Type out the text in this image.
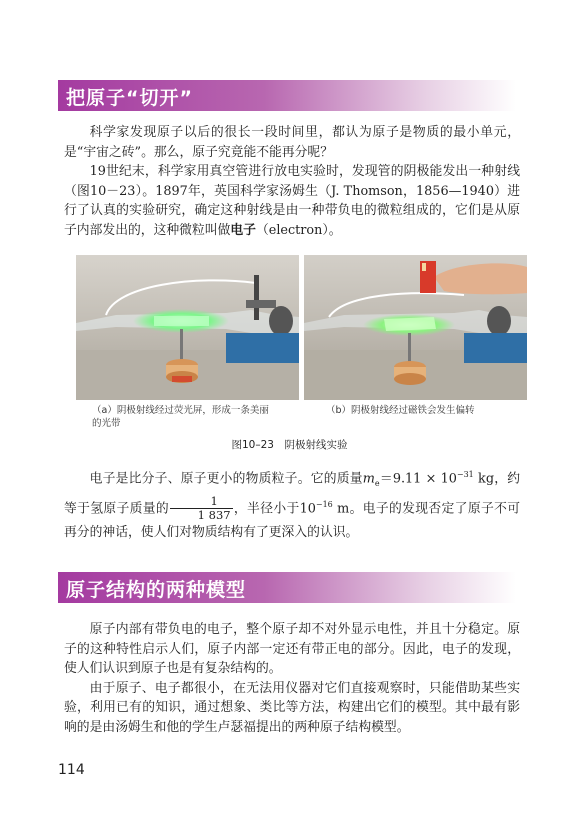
把原子“切开”

科学家发现原子以后的很长一段时间里，都认为原子是物质的最小单元，是“宇宙之砖”。那么，原子究竟能不能再分呢？

19世纪末，科学家用真空管进行放电实验时，发现管的阴极能发出一种射线（图10－23）。1897年，英国科学家汤姆生（J. Thomson，1856—1940）进行了认真的实验研究，确定这种射线是由一种带负电的微粒组成的，它们是从原子内部发出的，这种微粒叫做电子（electron）。

（a）阴极射线经过荧光屏，形成一条美丽的光带
（b）阴极射线经过磁铁会发生偏转
图10–23　阴极射线实验

电子是比分子、原子更小的物质粒子。它的质量$m_e=9.11 \times 10^{-31}$ kg，约等于氢原子质量的 $\frac{1}{1 837}$ ，半径小于$10^{-16}$ m。电子的发现否定了原子不可再分的神话，使人们对物质结构有了更深入的认识。

原子结构的两种模型

原子内部有带负电的电子，整个原子却不对外显示电性，并且十分稳定。原子的这种特性启示人们，原子内部一定还有带正电的部分。因此，电子的发现，使人们认识到原子也是有复杂结构的。

由于原子、电子都很小，在无法用仪器对它们直接观察时，只能借助某些实验，利用已有的知识，通过想象、类比等方法，构建出它们的模型。其中最有影响的是由汤姆生和他的学生卢瑟福提出的两种原子结构模型。

114
